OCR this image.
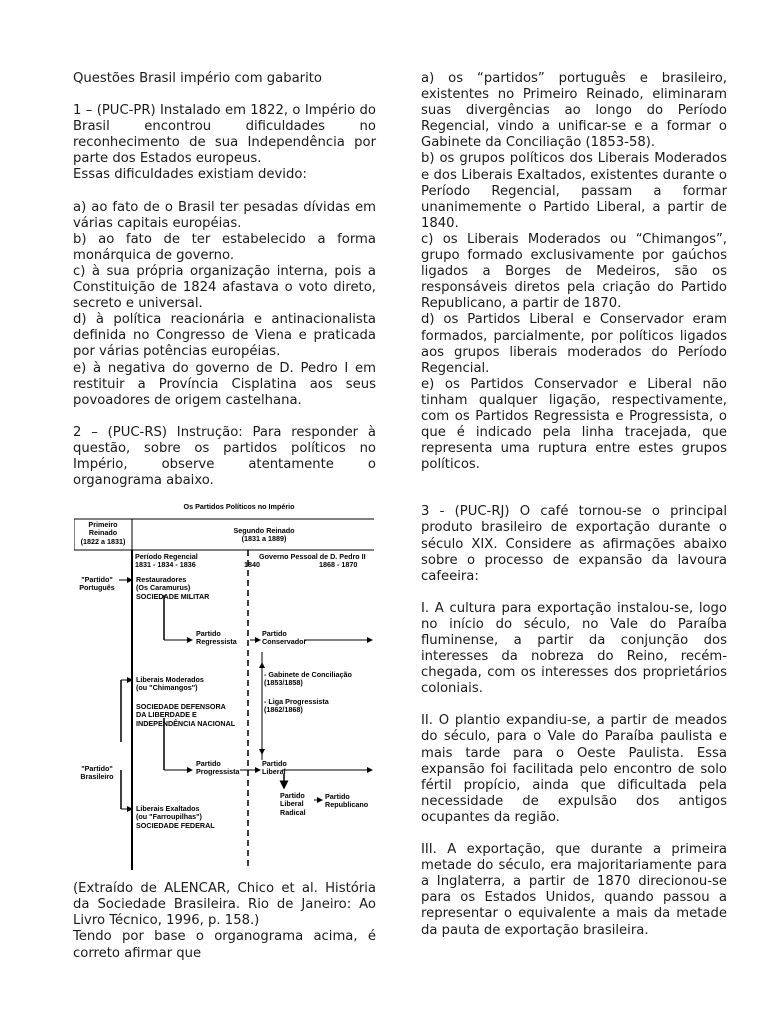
Questões Brasil império com gabarito

1 – (PUC-PR) Instalado em 1822, o Império do Brasil encontrou dificuldades no reconhecimento de sua Independência por parte dos Estados europeus.

Essas dificuldades existiam devido:

a) ao fato de o Brasil ter pesadas dívidas em várias capitais européias.

b) ao fato de ter estabelecido a forma monárquica de governo.

c) à sua própria organização interna, pois a Constituição de 1824 afastava o voto direto, secreto e universal.

d) à política reacionária e antinacionalista definida no Congresso de Viena e praticada por várias potências européias.

e) à negativa do governo de D. Pedro I em restituir a Província Cisplatina aos seus povoadores de origem castelhana.

2 – (PUC-RS) Instrução: Para responder à questão, sobre os partidos políticos no Império, observe atentamente o organograma abaixo.

Os Partidos Políticos no Império
Primeiro
Reinado
(1822 a 1831)
Segundo Reinado
(1831 a 1889)
Período Regencial
1831 - 1834 - 1836
Governo Pessoal de D. Pedro II
1840	1868 - 1870
"Partido"
Português
Restauradores
(Os Caramurus)
SOCIEDADE MILITAR
Partido
Regressista
Partido
Conservador
Liberais Moderados
(ou "Chimangos")
- Gabinete de Conciliação
(1853/1858)
SOCIEDADE DEFENSORA
DA LIBERDADE E
INDEPENDÊNCIA NACIONAL
- Liga Progressista
(1862/1868)
"Partido"
Brasileiro
Partido
Progressista
Partido
Liberal
Partido
Liberal
Radical
Partido
Republicano
Liberais Exaltados
(ou "Farroupilhas")
SOCIEDADE FEDERAL

(Extraído de ALENCAR, Chico et al. História da Sociedade Brasileira. Rio de Janeiro: Ao Livro Técnico, 1996, p. 158.)

Tendo por base o organograma acima, é correto afirmar que

a) os “partidos” português e brasileiro, existentes no Primeiro Reinado, eliminaram suas divergências ao longo do Período Regencial, vindo a unificar-se e a formar o Gabinete da Conciliação (1853-58).

b) os grupos políticos dos Liberais Moderados e dos Liberais Exaltados, existentes durante o Período Regencial, passam a formar unanimemente o Partido Liberal, a partir de 1840.

c) os Liberais Moderados ou “Chimangos”, grupo formado exclusivamente por gaúchos ligados a Borges de Medeiros, são os responsáveis diretos pela criação do Partido Republicano, a partir de 1870.

d) os Partidos Liberal e Conservador eram formados, parcialmente, por políticos ligados aos grupos liberais moderados do Período Regencial.

e) os Partidos Conservador e Liberal não tinham qualquer ligação, respectivamente, com os Partidos Regressista e Progressista, o que é indicado pela linha tracejada, que representa uma ruptura entre estes grupos políticos.

3 - (PUC-RJ) O café tornou-se o principal produto brasileiro de exportação durante o século XIX. Considere as afirmações abaixo sobre o processo de expansão da lavoura cafeeira:

I. A cultura para exportação instalou-se, logo no início do século, no Vale do Paraíba fluminense, a partir da conjunção dos interesses da nobreza do Reino, recém-chegada, com os interesses dos proprietários coloniais.

II. O plantio expandiu-se, a partir de meados do século, para o Vale do Paraíba paulista e mais tarde para o Oeste Paulista. Essa expansão foi facilitada pelo encontro de solo fértil propício, ainda que dificultada pela necessidade de expulsão dos antigos ocupantes da região.

III. A exportação, que durante a primeira metade do século, era majoritariamente para a Inglaterra, a partir de 1870 direcionou-se para os Estados Unidos, quando passou a representar o equivalente a mais da metade da pauta de exportação brasileira.
